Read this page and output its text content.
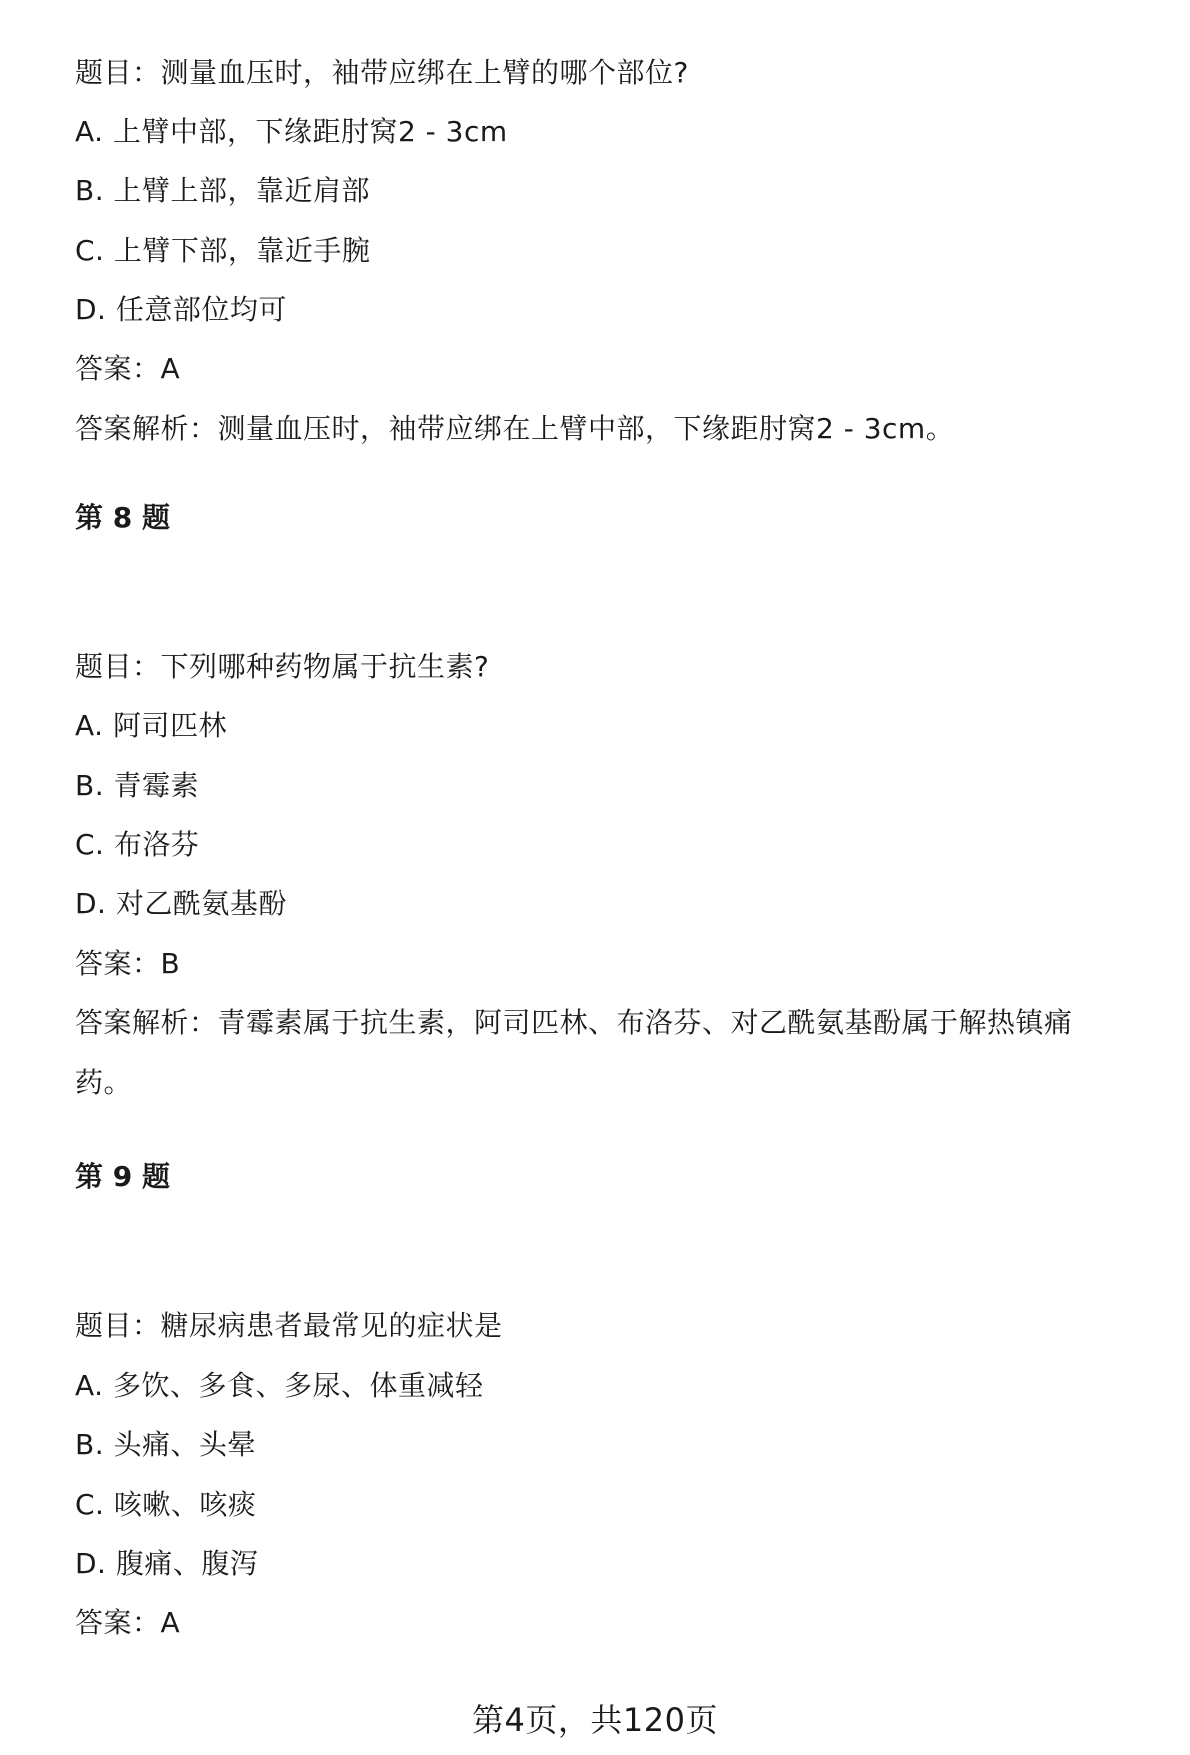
题目：测量血压时，袖带应绑在上臂的哪个部位?
A. 上臂中部，下缘距肘窝2 - 3cm
B. 上臂上部，靠近肩部
C. 上臂下部，靠近手腕
D. 任意部位均可
答案：A
答案解析：测量血压时，袖带应绑在上臂中部，下缘距肘窝2 - 3cm。
第 8 题
题目：下列哪种药物属于抗生素?
A. 阿司匹林
B. 青霉素
C. 布洛芬
D. 对乙酰氨基酚
答案：B
答案解析：青霉素属于抗生素，阿司匹林、布洛芬、对乙酰氨基酚属于解热镇痛药。
第 9 题
题目：糖尿病患者最常见的症状是
A. 多饮、多食、多尿、体重减轻
B. 头痛、头晕
C. 咳嗽、咳痰
D. 腹痛、腹泻
答案：A
第4页，共120页
